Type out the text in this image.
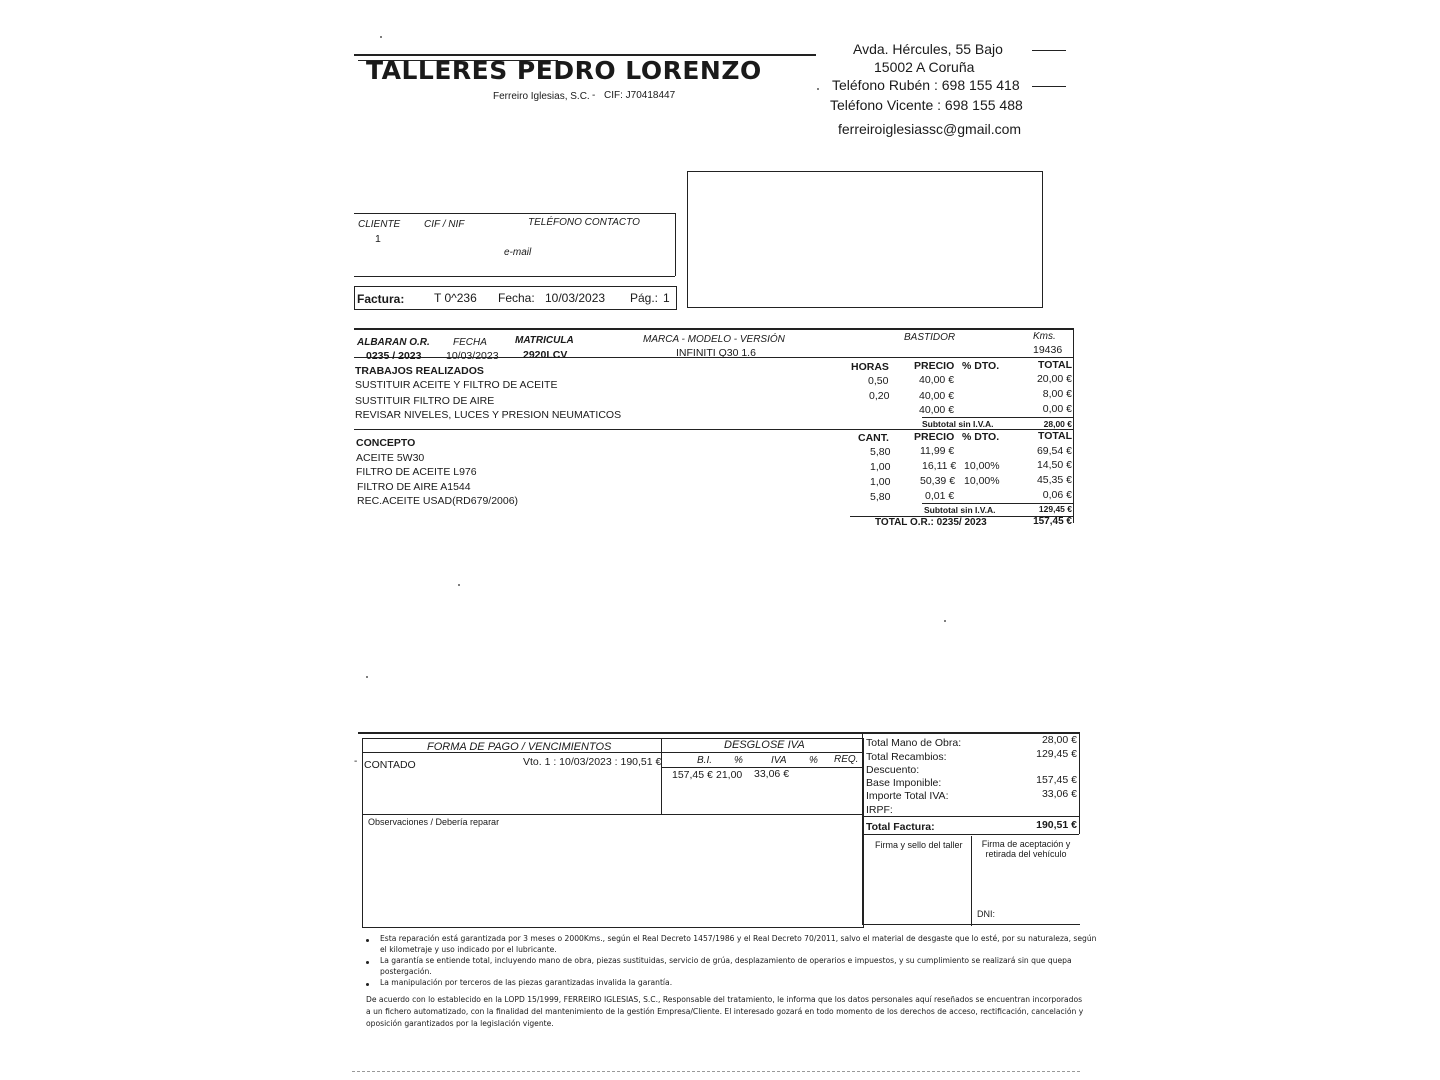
TALLERES PEDRO LORENZO
Ferreiro Iglesias, S.C. CIF: J70418447
-
Avda. Hércules, 55 Bajo
15002 A Coruña
Teléfono Rubén : 698 155 418
Teléfono Vicente : 698 155 488
ferreiroiglesiassc@gmail.com
CLIENTE CIF / NIF	TELÉFONO CONTACTO
1
e-mail
Factura: T 0^236 Fecha: 10/03/2023 Pág.: 1
ALBARAN O.R. FECHA	MATRICULA	MARCA - MODELO - VERSIÓN	BASTIDOR	Kms.
0235 / 2023 10/03/2023 2920LCV	INFINITI Q30 1.6	19436
TRABAJOS REALIZADOS	HORAS PRECIO % DTO.	TOTAL
SUSTITUIR ACEITE Y FILTRO DE ACEITE	0,50	40,00 €	20,00 €
SUSTITUIR FILTRO DE AIRE	0,20	40,00 €	8,00 €
REVISAR NIVELES, LUCES Y PRESION NEUMATICOS	40,00 €	0,00 €
Subtotal sin I.V.A.	28,00 €
CONCEPTO	CANT. PRECIO % DTO.	TOTAL
ACEITE 5W30	5,80	11,99 €	69,54 €
FILTRO DE ACEITE L976	1,00	16,11 € 10,00%	14,50 €
FILTRO DE AIRE A1544	1,00	50,39 € 10,00%	45,35 €
REC.ACEITE USAD(RD679/2006)	5,80	0,01 €	0,06 €
Subtotal sin I.V.A.	129,45 €
TOTAL O.R.: 0235/ 2023	157,45 €
FORMA DE PAGO / VENCIMIENTOS
CONTADO	Vto. 1 : 10/03/2023 : 190,51 €
-
DESGLOSE IVA
B.I. %	IVA % REQ.
157,45 € 21,00 33,06 €
Observaciones / Debería reparar
Total Mano de Obra:	28,00 €
Total Recambios:	129,45 €
Descuento:
Base Imponible:	157,45 €
Importe Total IVA:	33,06 €
IRPF:
Total Factura:	190,51 €
Firma y sello del taller	Firma de aceptación y
retirada del vehículo
DNI:
Esta reparación está garantizada por 3 meses o 2000Kms., según el Real Decreto 1457/1986 y el Real Decreto 70/2011, salvo el material de desgaste que lo esté, por su naturaleza, según
el kilometraje y uso indicado por el lubricante.
La garantía se entiende total, incluyendo mano de obra, piezas sustituidas, servicio de grúa, desplazamiento de operarios e impuestos, y su cumplimiento se realizará sin que quepa
postergación.
La manipulación por terceros de las piezas garantizadas invalida la garantía.
De acuerdo con lo establecido en la LOPD 15/1999, FERREIRO IGLESIAS, S.C., Responsable del tratamiento, le informa que los datos personales aquí reseñados se encuentran incorporados
a un fichero automatizado, con la finalidad del mantenimiento de la gestión Empresa/Cliente. El interesado gozará en todo momento de los derechos de acceso, rectificación, cancelación y
oposición garantizados por la legislación vigente.
